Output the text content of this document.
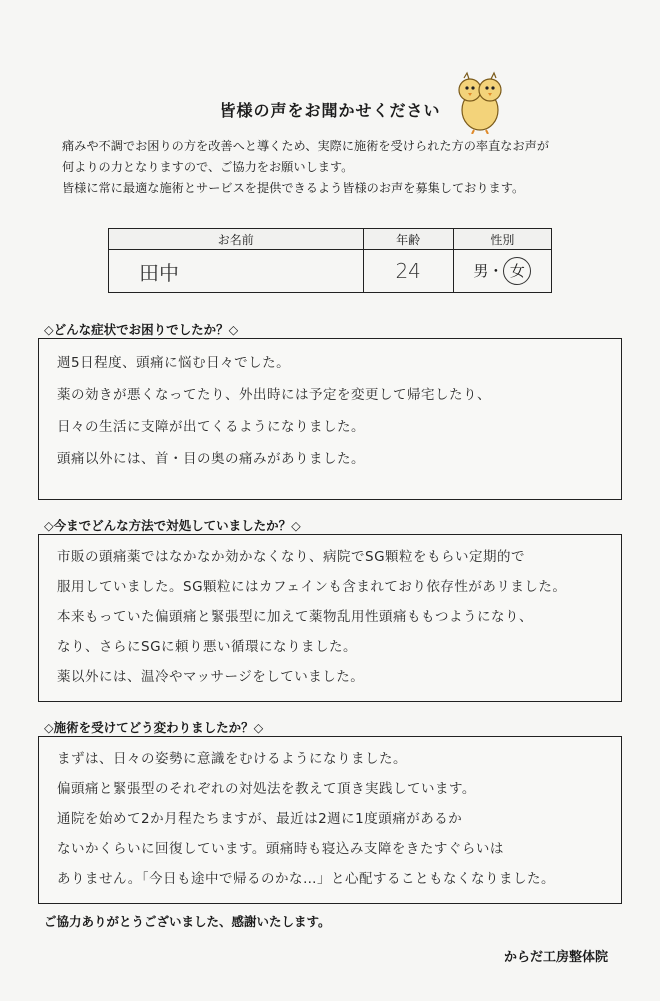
皆様の声をお聞かせください
痛みや不調でお困りの方を改善へと導くため、実際に施術を受けられた方の率直なお声が
何よりの力となりますので、ご協力をお願いします。
皆様に常に最適な施術とサービスを提供できるよう皆様のお声を募集しております。
お名前	年齢	性別
田中	24	男・ 女
◇どんな症状でお困りでしたか？◇
週5日程度、頭痛に悩む日々でした。
薬の効きが悪くなってたり、外出時には予定を変更して帰宅したり、
日々の生活に支障が出てくるようになりました。
頭痛以外には、首・目の奥の痛みがありました。
◇今までどんな方法で対処していましたか？◇
市販の頭痛薬ではなかなか効かなくなり、病院でSG顆粒をもらい定期的で
服用していました。SG顆粒にはカフェインも含まれており依存性があリました。
本来もっていた偏頭痛と緊張型に加えて薬物乱用性頭痛ももつようになり、
なり、さらにSGに頼り悪い循環になりました。
薬以外には、温冷やマッサージをしていました。
◇施術を受けてどう変わりましたか？◇
まずは、日々の姿勢に意識をむけるようになりました。
偏頭痛と緊張型のそれぞれの対処法を教えて頂き実践しています。
通院を始めて2か月程たちますが、最近は2週に1度頭痛があるか
ないかくらいに回復しています。頭痛時も寝込み支障をきたすぐらいは
ありません。「今日も途中で帰るのかな…」と心配することもなくなりました。
ご協力ありがとうございました、感謝いたします。
からだ工房整体院
